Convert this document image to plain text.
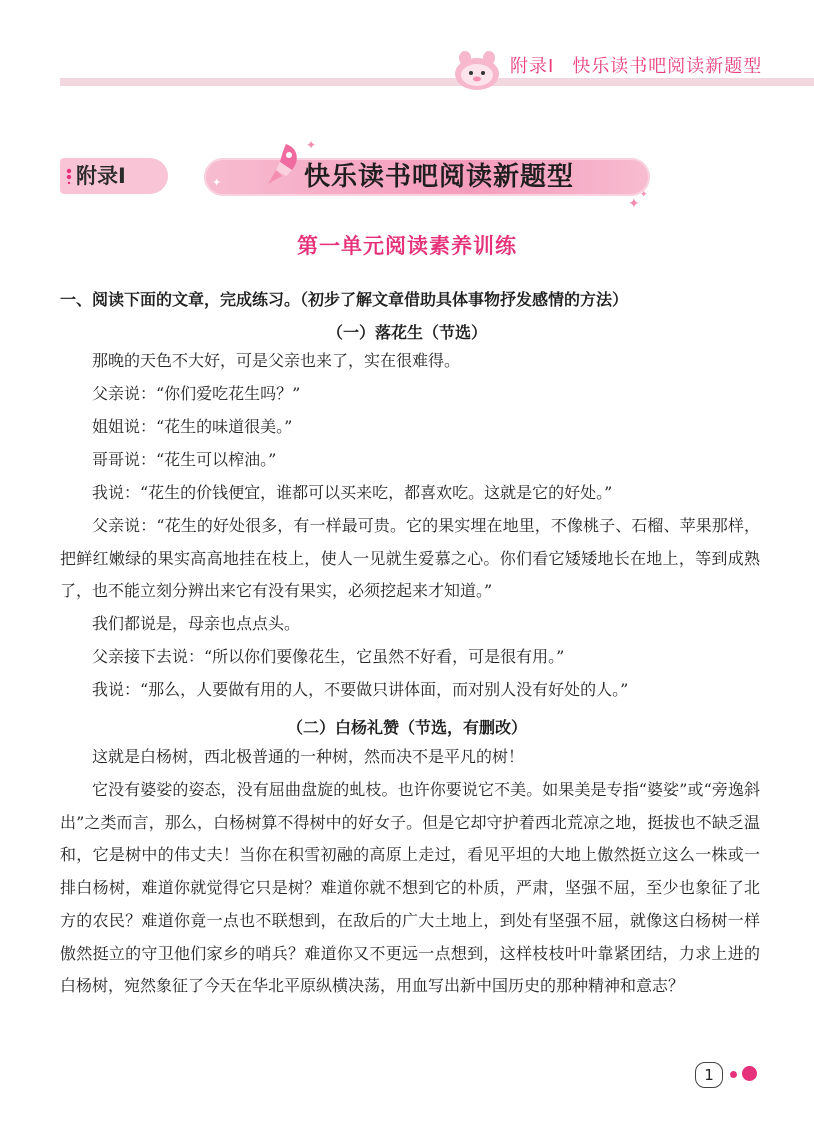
附录Ⅰ 快乐读书吧阅读新题型
附录Ⅰ	快乐读书吧阅读新题型
✦
✦
✦
✦
第一单元阅读素养训练
一、阅读下面的文章，完成练习。（初步了解文章借助具体事物抒发感情的方法）
（一）落花生（节选）

那晚的天色不大好，可是父亲也来了，实在很难得。

父亲说：“你们爱吃花生吗？”

姐姐说：“花生的味道很美。”

哥哥说：“花生可以榨油。”

我说：“花生的价钱便宜，谁都可以买来吃，都喜欢吃。这就是它的好处。”

父亲说：“花生的好处很多，有一样最可贵。它的果实埋在地里，不像桃子、石榴、苹果那样，把鲜红嫩绿的果实高高地挂在枝上，使人一见就生爱慕之心。你们看它矮矮地长在地上，等到成熟了，也不能立刻分辨出来它有没有果实，必须挖起来才知道。”

我们都说是，母亲也点点头。

父亲接下去说：“所以你们要像花生，它虽然不好看，可是很有用。”

我说：“那么，人要做有用的人，不要做只讲体面，而对别人没有好处的人。”

（二）白杨礼赞（节选，有删改）

这就是白杨树，西北极普通的一种树，然而决不是平凡的树！

它没有婆娑的姿态，没有屈曲盘旋的虬枝。也许你要说它不美。如果美是专指“婆娑”或“旁逸斜出”之类而言，那么，白杨树算不得树中的好女子。但是它却守护着西北荒凉之地，挺拔也不缺乏温和，它是树中的伟丈夫！当你在积雪初融的高原上走过，看见平坦的大地上傲然挺立这么一株或一排白杨树，难道你就觉得它只是树？难道你就不想到它的朴质，严肃，坚强不屈，至少也象征了北方的农民？难道你竟一点也不联想到，在敌后的广大土地上，到处有坚强不屈，就像这白杨树一样傲然挺立的守卫他们家乡的哨兵？难道你又不更远一点想到，这样枝枝叶叶靠紧团结，力求上进的白杨树，宛然象征了今天在华北平原纵横决荡，用血写出新中国历史的那种精神和意志？

1
